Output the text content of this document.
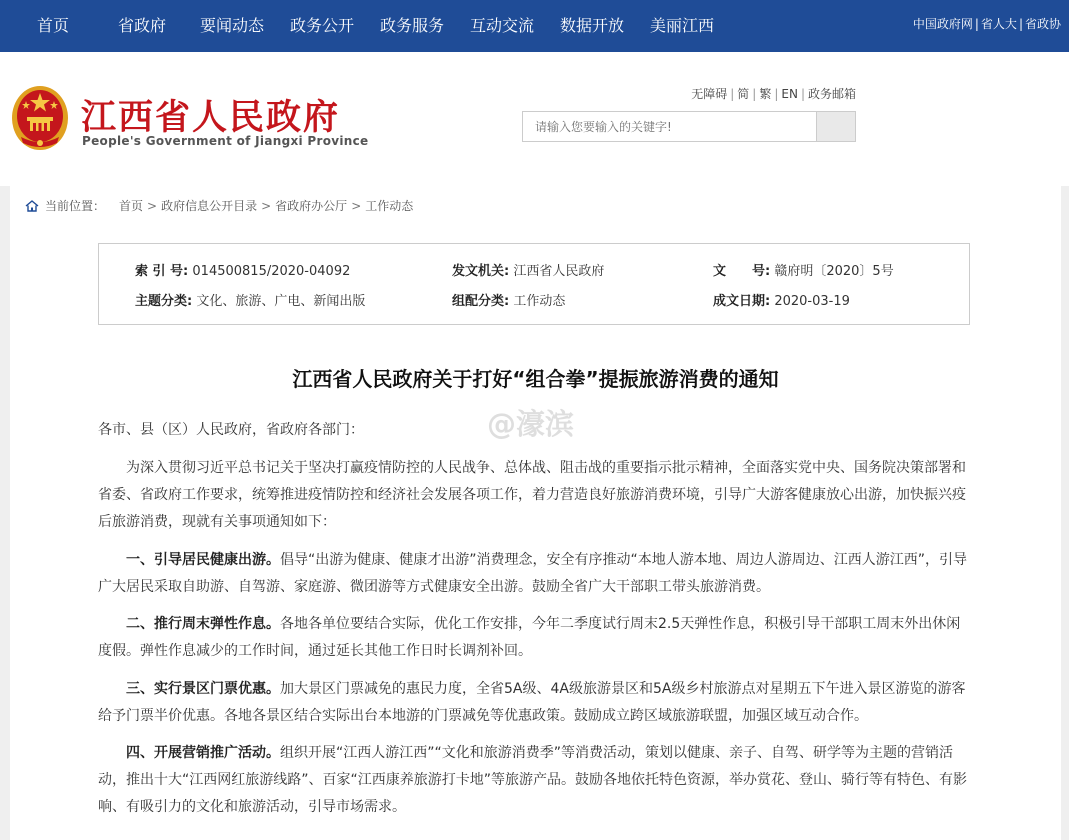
首页	省政府 要闻动态 政务公开 政务服务 互动交流 数据开放 美丽江西	中国政府网 | 省人大 | 省政协
江西省人民政府
People's Government of Jiangxi Province
无障碍 | 简 | 繁 | EN | 政务邮箱
请输入您要输入的关键字!
当前位置： 首页 > 政府信息公开目录 > 省政府办公厅 > 工作动态
索 引 号: 014500815/2020-04092	发文机关: 江西省人民政府	文　　号: 赣府明〔2020〕5号
主题分类: 文化、旅游、广电、新闻出版	组配分类: 工作动态	成文日期: 2020-03-19
江西省人民政府关于打好“组合拳”提振旅游消费的通知
@濠滨
各市、县（区）人民政府，省政府各部门：
为深入贯彻习近平总书记关于坚决打赢疫情防控的人民战争、总体战、阻击战的重要指示批示精神，全面落实党中央、国务院决策部署和省委、省政府工作要求，统筹推进疫情防控和经济社会发展各项工作，着力营造良好旅游消费环境，引导广大游客健康放心出游，加快振兴疫后旅游消费，现就有关事项通知如下：
一、引导居民健康出游。倡导“出游为健康、健康才出游”消费理念，安全有序推动“本地人游本地、周边人游周边、江西人游江西”，引导广大居民采取自助游、自驾游、家庭游、微团游等方式健康安全出游。鼓励全省广大干部职工带头旅游消费。
二、推行周末弹性作息。各地各单位要结合实际，优化工作安排，今年二季度试行周末2.5天弹性作息，积极引导干部职工周末外出休闲度假。弹性作息减少的工作时间，通过延长其他工作日时长调剂补回。
三、实行景区门票优惠。加大景区门票减免的惠民力度，全省5A级、4A级旅游景区和5A级乡村旅游点对星期五下午进入景区游览的游客给予门票半价优惠。各地各景区结合实际出台本地游的门票减免等优惠政策。鼓励成立跨区域旅游联盟，加强区域互动合作。
四、开展营销推广活动。组织开展“江西人游江西”“文化和旅游消费季”等消费活动，策划以健康、亲子、自驾、研学等为主题的营销活动，推出十大“江西网红旅游线路”、百家“江西康养旅游打卡地”等旅游产品。鼓励各地依托特色资源，举办赏花、登山、骑行等有特色、有影响、有吸引力的文化和旅游活动，引导市场需求。
